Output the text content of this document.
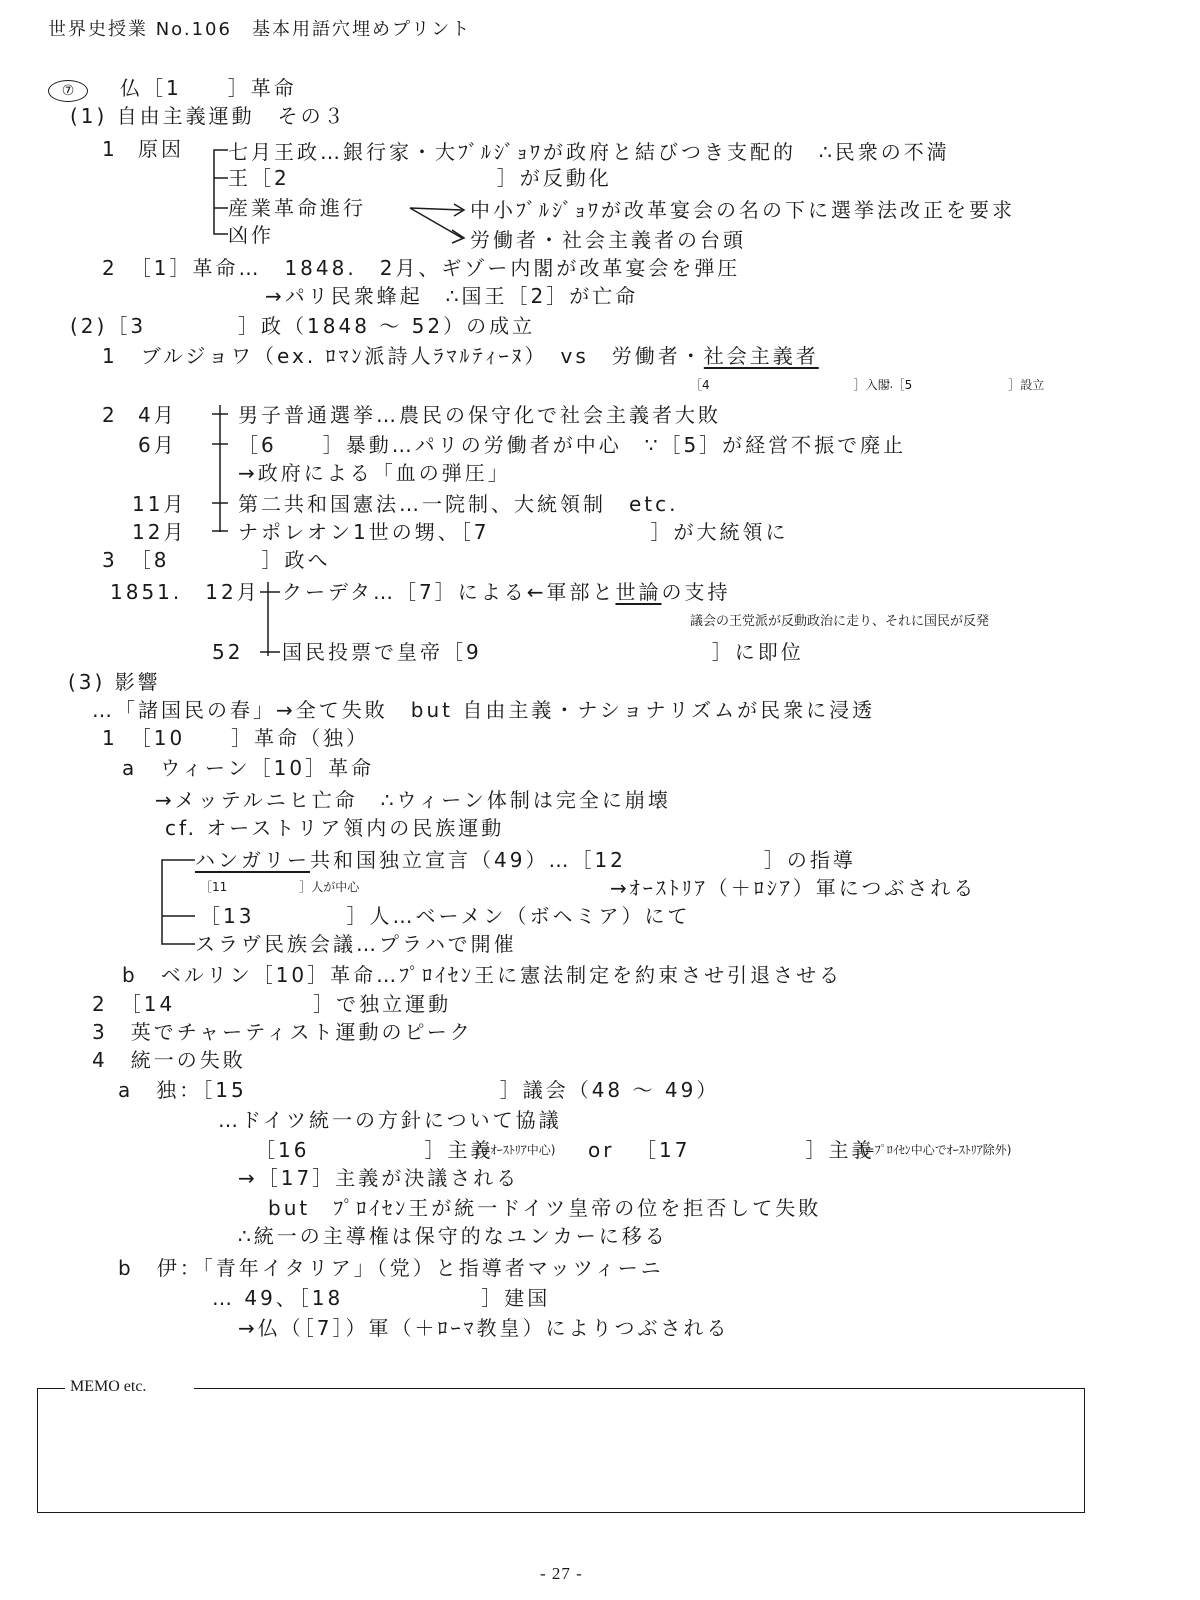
世界史授業 No.106　基本用語穴埋めプリント
⑦	仏［1　　］革命
(1) 自由主義運動　その３
1 原因 七月王政…銀行家・大ﾌﾞﾙｼﾞｮﾜが政府と結びつき支配的　∴民衆の不満
王［2　　　　　　　　　］が反動化
産業革命進行
凶作
中小ﾌﾞﾙｼﾞｮﾜが改革宴会の名の下に選挙法改正を要求
労働者・社会主義者の台頭
2　［1］革命…　1848.　2月、ギゾー内閣が改革宴会を弾圧
→パリ民衆蜂起　∴国王［2］が亡命
(2)［3　　　　］政（1848 ～ 52）の成立
1　ブルジョワ（ex. ﾛﾏﾝ派詩人ﾗﾏﾙﾃｨｰﾇ）　vs　労働者・社会主義者
［4　　　　　　　　　　　　］入閣
∴［5　　　　　　　　］設立
2 4月	男子普通選挙…農民の保守化で社会主義者大敗
6月	［6　　］暴動…パリの労働者が中心　∵［5］が経営不振で廃止
→政府による「血の弾圧」
11月	第二共和国憲法…一院制、大統領制　etc.
12月	ナポレオン1世の甥、［7　　　　　　　］が大統領に
3　［8　　　　］政へ
1851.　12月 クーデタ…［7］による←軍部と世論の支持
議会の王党派が反動政治に走り、それに国民が反発
52 国民投票で皇帝［9　　　　　　　　　　］に即位
(3) 影響
…「諸国民の春」→全て失敗　but 自由主義・ナショナリズムが民衆に浸透
1　［10　　］革命（独）
a　ウィーン［10］革命
→メッテルニヒ亡命　∴ウィーン体制は完全に崩壊
cf. オーストリア領内の民族運動
ハンガリー共和国独立宣言（49）…［12　　　　　　］の指導
［11　　　　　　］人が中心	→ｵｰｽﾄﾘｱ（＋ﾛｼｱ）軍につぶされる
［13　　　　］人…ベーメン（ボヘミア）にて
スラヴ民族会議…プラハで開催
b　ベルリン［10］革命…ﾌﾟﾛｲｾﾝ王に憲法制定を約束させ引退させる
2　［14　　　　　　］で独立運動
3　英でチャーティスト運動のピーク
4　統一の失敗
a　独：［15　　　　　　　　　　　］議会（48 ～ 49）
…ドイツ統一の方針について協議
［16　　　　　］主義
(=ｵｰｽﾄﾘｱ中心) or ［17　　　　　］主義
(=ﾌﾟﾛｲｾﾝ中心でｵｰｽﾄﾘｱ除外)
→［17］主義が決議される
but　ﾌﾟﾛｲｾﾝ王が統一ドイツ皇帝の位を拒否して失敗
∴統一の主導権は保守的なユンカーに移る
b　伊：「青年イタリア」（党）と指導者マッツィーニ
… 49、［18　　　　　　］建国
→仏（［7］）軍（＋ﾛｰﾏ教皇）によりつぶされる
MEMO etc.
- 27 -
